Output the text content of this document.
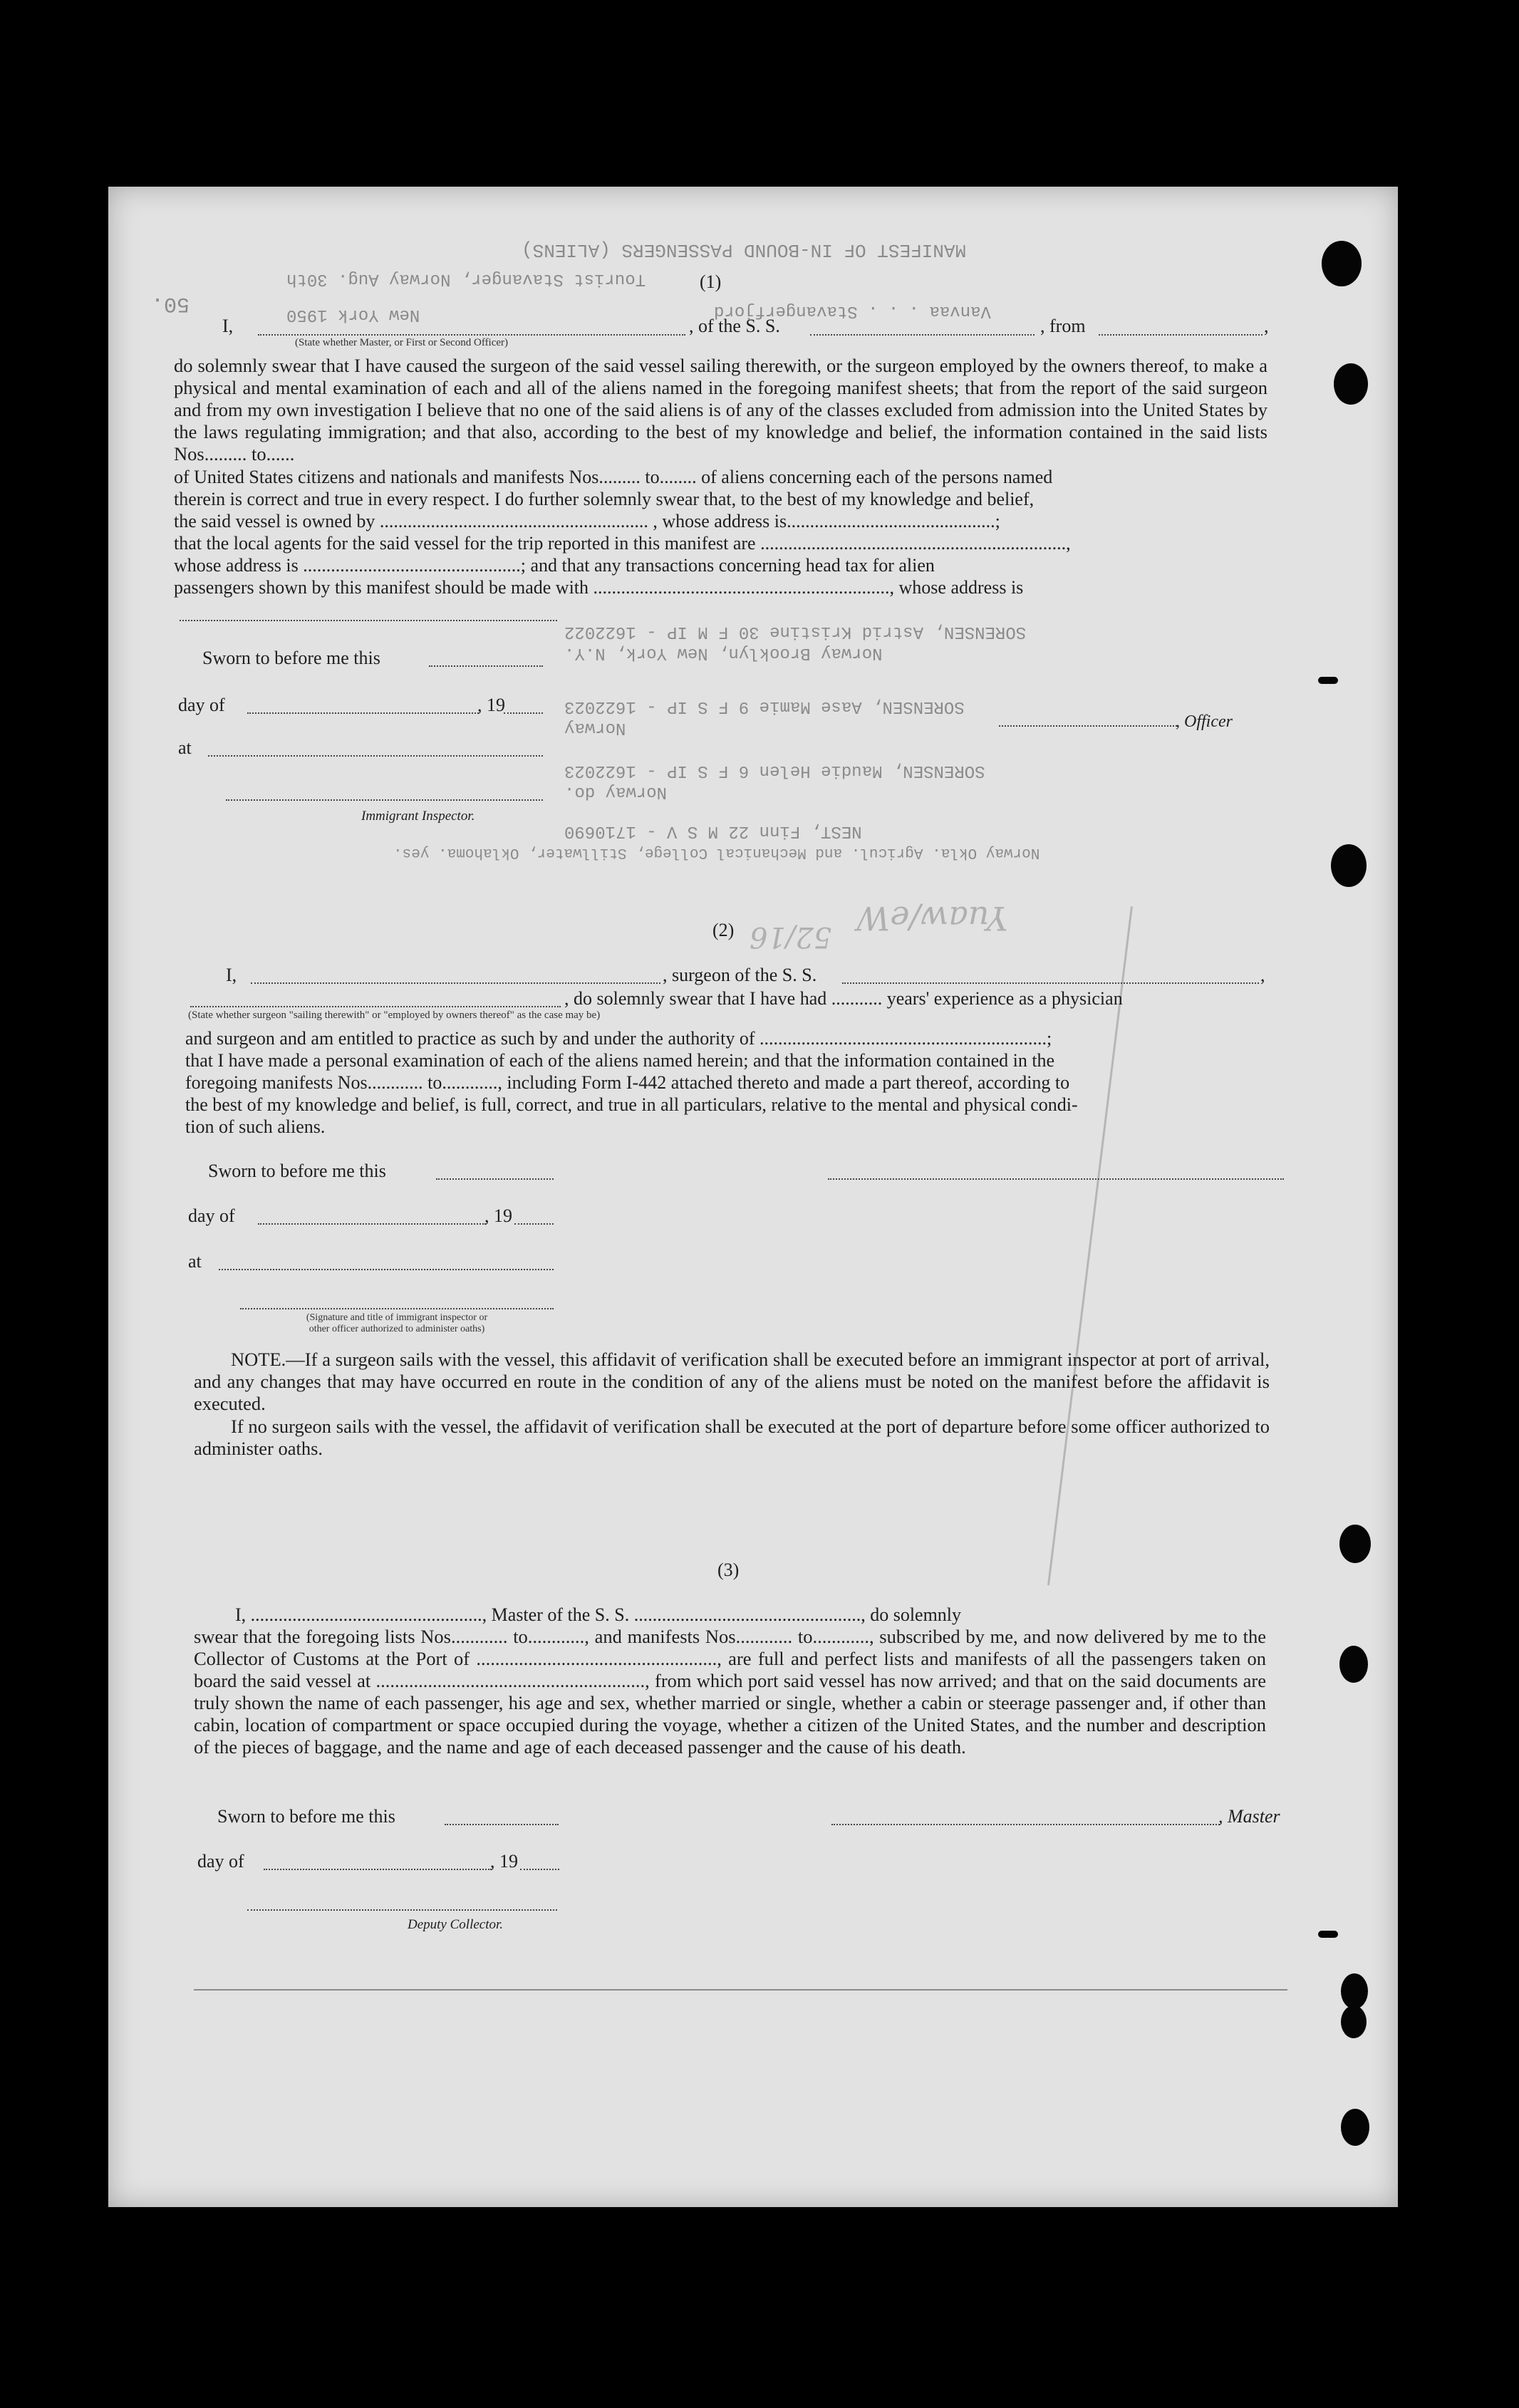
MANIFEST OF IN-BOUND PASSENGERS (ALIENS)
Tourist Stavanger, Norway Aug. 30th
New York 1950	Vanvaa . . . Stavangerfjord
50.
SORENSEN, Astrid Kristine 30 F M IP - 1622022
Norway Brooklyn, New York, N.Y.
SORENSEN, Aase Mamie 9 F S IP - 1622023
Norway
SORENSEN, Maudie Helen 6 F S IP - 1622023
Norway do.
NEST, Finn 22 M S V - 1710690
Norway Okla. Agricul. and Mechanical College, Stillwater, Oklahoma. yes.
Yuaw/eW
52/16
(1)
I,	, of the S. S.	, from	,
(State whether Master, or First or Second Officer)
do solemnly swear that I have caused the surgeon of the said vessel sailing therewith, or the surgeon employed by the owners thereof, to make a physical and mental examination of each and all of the aliens named in the foregoing manifest sheets; that from the report of the said surgeon and from my own investigation I believe that no one of the said aliens is of any of the classes excluded from admission into the United States by the laws regulating immigration; and that also, according to the best of my knowledge and belief, the information contained in the said lists Nos......... to......
of United States citizens and nationals and manifests Nos......... to........ of aliens concerning each of the persons named
therein is correct and true in every respect. I do further solemnly swear that, to the best of my knowledge and belief,
the said vessel is owned by .......................................................... , whose address is.............................................;
that the local agents for the said vessel for the trip reported in this manifest are ..................................................................,
whose address is ...............................................; and that any transactions concerning head tax for alien
passengers shown by this manifest should be made with ................................................................, whose address is
Sworn to before me this
day of	, 19
at
Immigrant Inspector.
, Officer
(2)
I,	, surgeon of the S. S.	,
, do solemnly swear that I have had ........... years' experience as a physician
(State whether surgeon "sailing therewith" or "employed by owners thereof" as the case may be)
and surgeon and am entitled to practice as such by and under the authority of ..............................................................;
that I have made a personal examination of each of the aliens named herein; and that the information contained in the
foregoing manifests Nos............ to............, including Form I-442 attached thereto and made a part thereof, according to
the best of my knowledge and belief, is full, correct, and true in all particulars, relative to the mental and physical condi-
tion of such aliens.
Sworn to before me this
day of	, 19
at
(Signature and title of immigrant inspector or
other officer authorized to administer oaths)
NOTE.—If a surgeon sails with the vessel, this affidavit of verification shall be executed before an immigrant inspector at port of arrival, and any changes that may have occurred en route in the condition of any of the aliens must be noted on the manifest before the affidavit is executed.
If no surgeon sails with the vessel, the affidavit of verification shall be executed at the port of departure before some officer authorized to administer oaths.
(3)
I, .................................................., Master of the S. S. ................................................., do solemnly
swear that the foregoing lists Nos............ to............, and manifests Nos............ to............, subscribed by me, and now delivered by me to the Collector of Customs at the Port of ..................................................., are full and perfect lists and manifests of all the passengers taken on board the said vessel at ........................................................., from which port said vessel has now arrived; and that on the said documents are truly shown the name of each passenger, his age and sex, whether married or single, whether a cabin or steerage passenger and, if other than cabin, location of compartment or space occupied during the voyage, whether a citizen of the United States, and the number and description of the pieces of baggage, and the name and age of each deceased passenger and the cause of his death.
Sworn to before me this	, Master
day of	, 19
Deputy Collector.
